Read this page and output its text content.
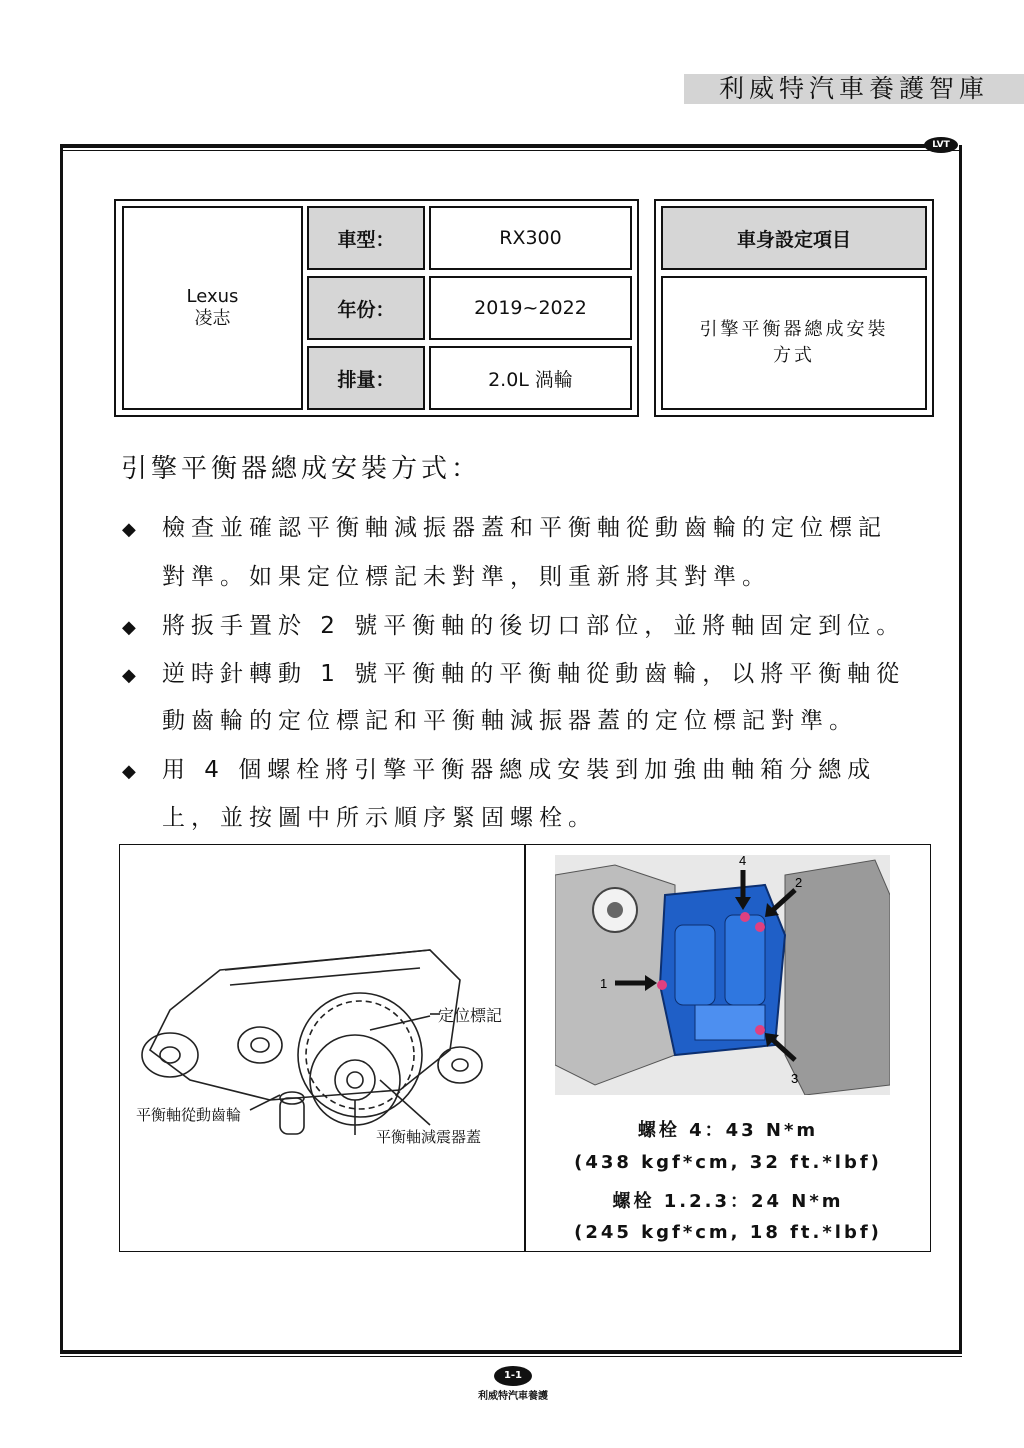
利威特汽車養護智庫
LVT
Lexus
凌志
車型：	RX300
年份：	2019~2022
排量：	2.0L 渦輪
車身設定項目
引擎平衡器總成安裝方式
引擎平衡器總成安裝方式：
◆ 檢查並確認平衡軸減振器蓋和平衡軸從動齒輪的定位標記
對準。如果定位標記未對準，則重新將其對準。
◆ 將扳手置於 2 號平衡軸的後切口部位，並將軸固定到位。
◆ 逆時針轉動 1 號平衡軸的平衡軸從動齒輪，以將平衡軸從
動齒輪的定位標記和平衡軸減振器蓋的定位標記對準。
◆ 用 4 個螺栓將引擎平衡器總成安裝到加強曲軸箱分總成
上，並按圖中所示順序緊固螺栓。
定位標記
平衡軸從動齒輪
平衡軸減震器蓋
4
2
1
3
螺栓 4：43 N*m
(438 kgf*cm, 32 ft.*lbf)
螺栓 1.2.3：24 N*m
(245 kgf*cm, 18 ft.*lbf)
1-1
利威特汽車養護
